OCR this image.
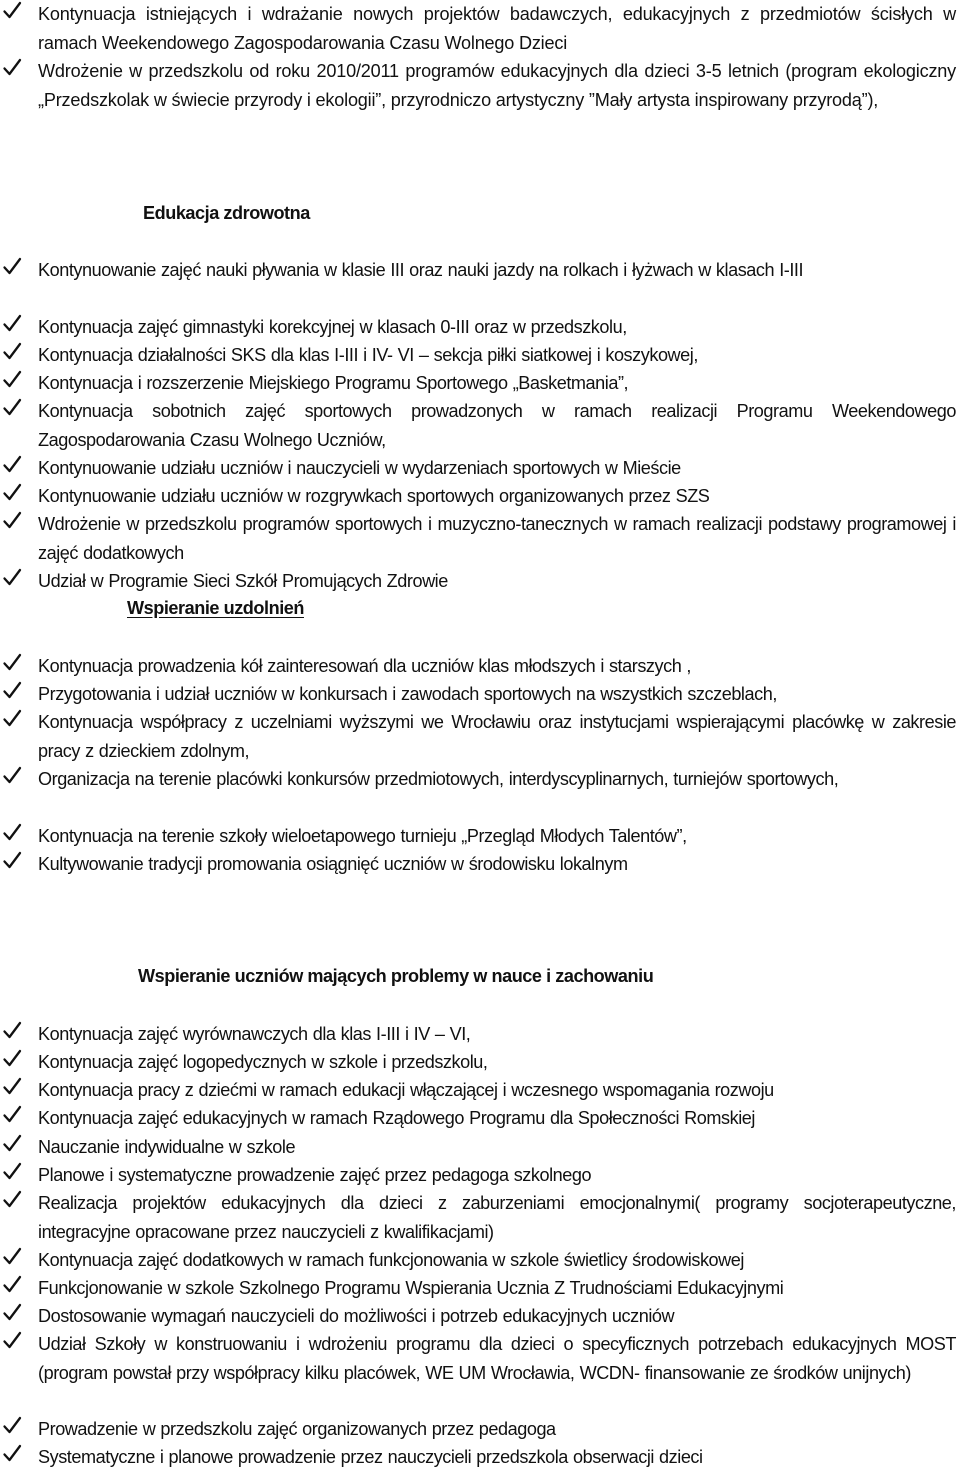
Kontynuacja istniejących i wdrażanie nowych projektów badawczych, edukacyjnych z przedmiotów ścisłych w ramach Weekendowego Zagospodarowania Czasu Wolnego Dzieci
Wdrożenie w przedszkolu od roku 2010/2011 programów edukacyjnych dla dzieci 3-5 letnich (program ekologiczny „Przedszkolak w świecie przyrody i ekologii”, przyrodniczo artystyczny ”Mały artysta inspirowany przyrodą”),
Edukacja zdrowotna
Kontynuowanie zajęć nauki pływania w klasie III oraz nauki jazdy na rolkach i łyżwach w klasach I-III
Kontynuacja zajęć gimnastyki korekcyjnej w klasach 0-III oraz w przedszkolu,
Kontynuacja działalności SKS dla klas I-III i IV- VI – sekcja piłki siatkowej i koszykowej,
Kontynuacja i rozszerzenie Miejskiego Programu Sportowego „Basketmania”,
Kontynuacja sobotnich zajęć sportowych prowadzonych w ramach realizacji Programu Weekendowego Zagospodarowania Czasu Wolnego Uczniów,
Kontynuowanie udziału uczniów i nauczycieli w wydarzeniach sportowych w Mieście
Kontynuowanie udziału uczniów w rozgrywkach sportowych organizowanych przez SZS
Wdrożenie w przedszkolu programów sportowych i muzyczno-tanecznych w ramach realizacji podstawy programowej i zajęć dodatkowych
Udział w Programie Sieci Szkół Promujących Zdrowie
Wspieranie uzdolnień
Kontynuacja prowadzenia kół zainteresowań dla uczniów klas młodszych i starszych ,
Przygotowania i udział uczniów w konkursach i zawodach sportowych na wszystkich szczeblach,
Kontynuacja współpracy z uczelniami wyższymi we Wrocławiu oraz instytucjami wspierającymi placówkę w zakresie pracy z dzieckiem zdolnym,
Organizacja na terenie placówki konkursów przedmiotowych, interdyscyplinarnych, turniejów sportowych,
Kontynuacja na terenie szkoły wieloetapowego turnieju „Przegląd Młodych Talentów”,
Kultywowanie tradycji promowania osiągnięć uczniów w środowisku lokalnym
Wspieranie uczniów mających problemy w nauce i zachowaniu
Kontynuacja zajęć wyrównawczych dla klas I-III i IV – VI,
Kontynuacja zajęć logopedycznych w szkole i przedszkolu,
Kontynuacja pracy z dziećmi w ramach edukacji włączającej i wczesnego wspomagania rozwoju
Kontynuacja zajęć edukacyjnych w ramach Rządowego Programu dla Społeczności Romskiej
Nauczanie indywidualne w szkole
Planowe i systematyczne prowadzenie zajęć przez pedagoga szkolnego
Realizacja projektów edukacyjnych dla dzieci z zaburzeniami emocjonalnymi( programy socjoterapeutyczne, integracyjne opracowane przez nauczycieli z kwalifikacjami)
Kontynuacja zajęć dodatkowych w ramach funkcjonowania w szkole świetlicy środowiskowej
Funkcjonowanie w szkole Szkolnego Programu Wspierania Ucznia Z Trudnościami Edukacyjnymi
Dostosowanie wymagań nauczycieli do możliwości i potrzeb edukacyjnych uczniów
Udział Szkoły w konstruowaniu i wdrożeniu programu dla dzieci o specyficznych potrzebach edukacyjnych MOST (program powstał przy współpracy kilku placówek, WE UM Wrocławia, WCDN- finansowanie ze środków unijnych)
Prowadzenie w przedszkolu zajęć organizowanych przez pedagoga
Systematyczne i planowe prowadzenie przez nauczycieli przedszkola obserwacji dzieci
